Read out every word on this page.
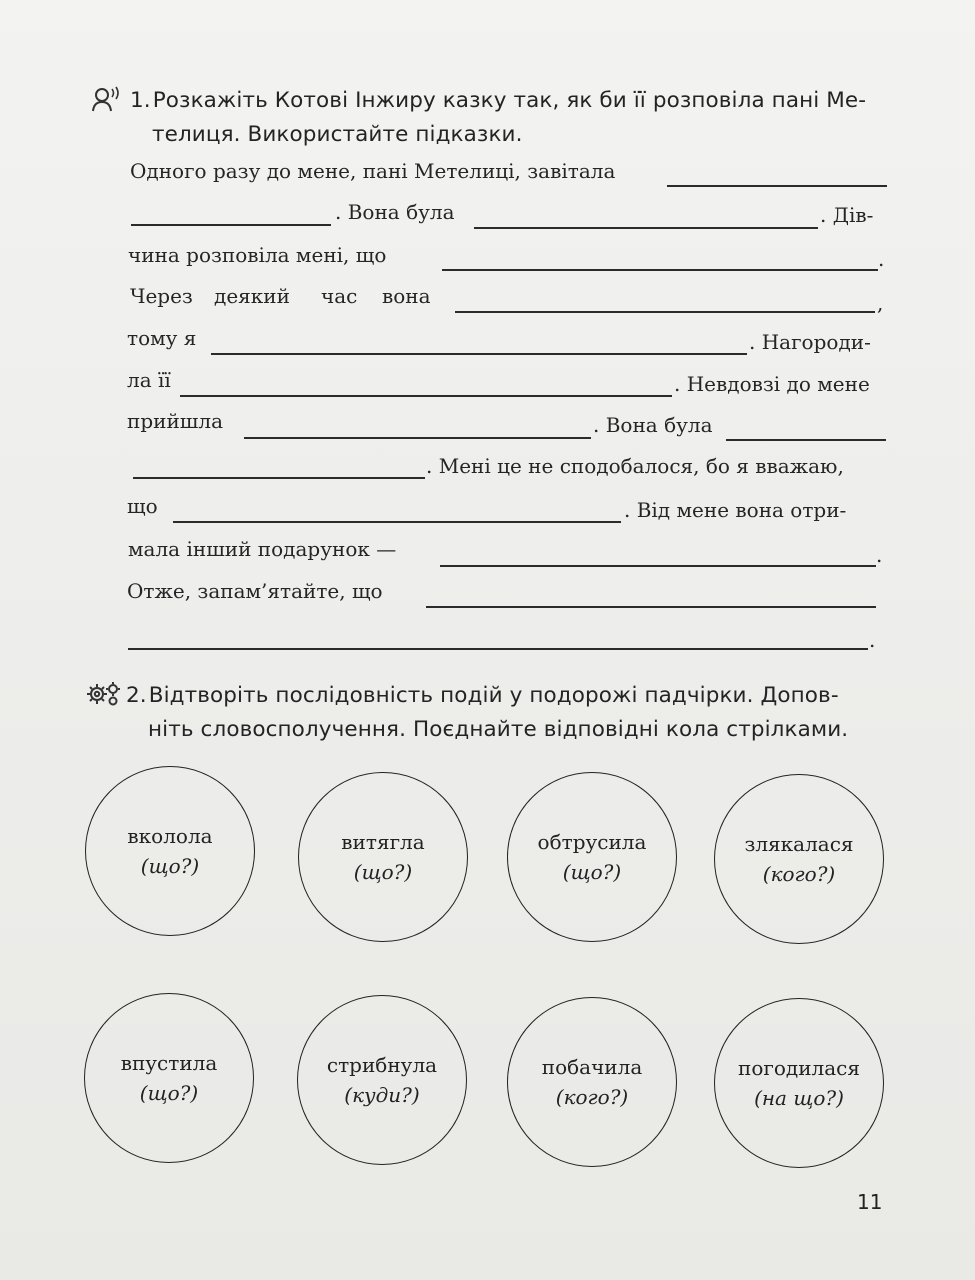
1.Розкажіть Котові Інжиру казку так, як би її розповіла пані Ме-
телиця. Використайте підказки.
Одного разу до мене, пані Метелиці, завітала
. Вона була	. Дів-
чина розповіла мені, що	.
Через деякий час вона	,
тому я	. Нагороди-
ла її	. Невдовзі до мене
прийшла	. Вона була
. Мені це не сподобалося, бо я вважаю,
що	. Від мене вона отри-
мала інший подарунок —	.
Отже, запам’ятайте, що
.
2.Відтворіть послідовність подій у подорожі падчірки. Допов-
ніть словосполучення. Поєднайте відповідні кола стрілками.
вколола
(що?)
витягла
(що?)
обтрусила
(що?)
злякалася
(кого?)
впустила
(що?)
стрибнула
(куди?)
побачила
(кого?)
погодилася
(на що?)
11
